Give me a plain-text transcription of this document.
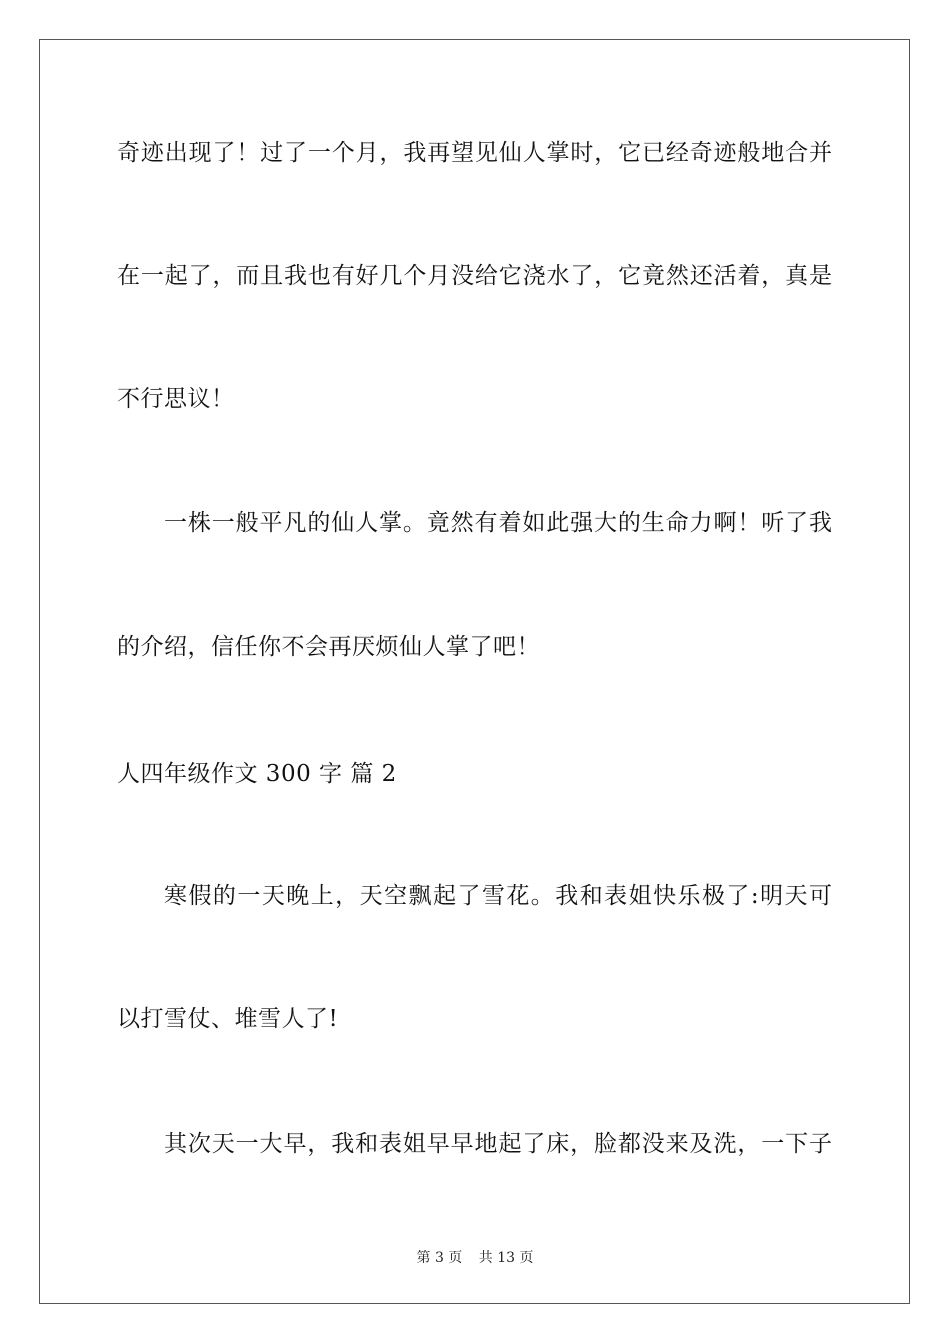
奇迹出现了！过了一个月，我再望见仙人掌时，它已经奇迹般地合并
在一起了，而且我也有好几个月没给它浇水了，它竟然还活着，真是
不行思议！
一株一般平凡的仙人掌。竟然有着如此强大的生命力啊！听了我
的介绍，信任你不会再厌烦仙人掌了吧！
人四年级作文 300 字 篇 2
寒假的一天晚上，天空飘起了雪花。我和表姐快乐极了:明天可
以打雪仗、堆雪人了!
其次天一大早，我和表姐早早地起了床，脸都没来及洗，一下子
第 3 页 共 13 页
